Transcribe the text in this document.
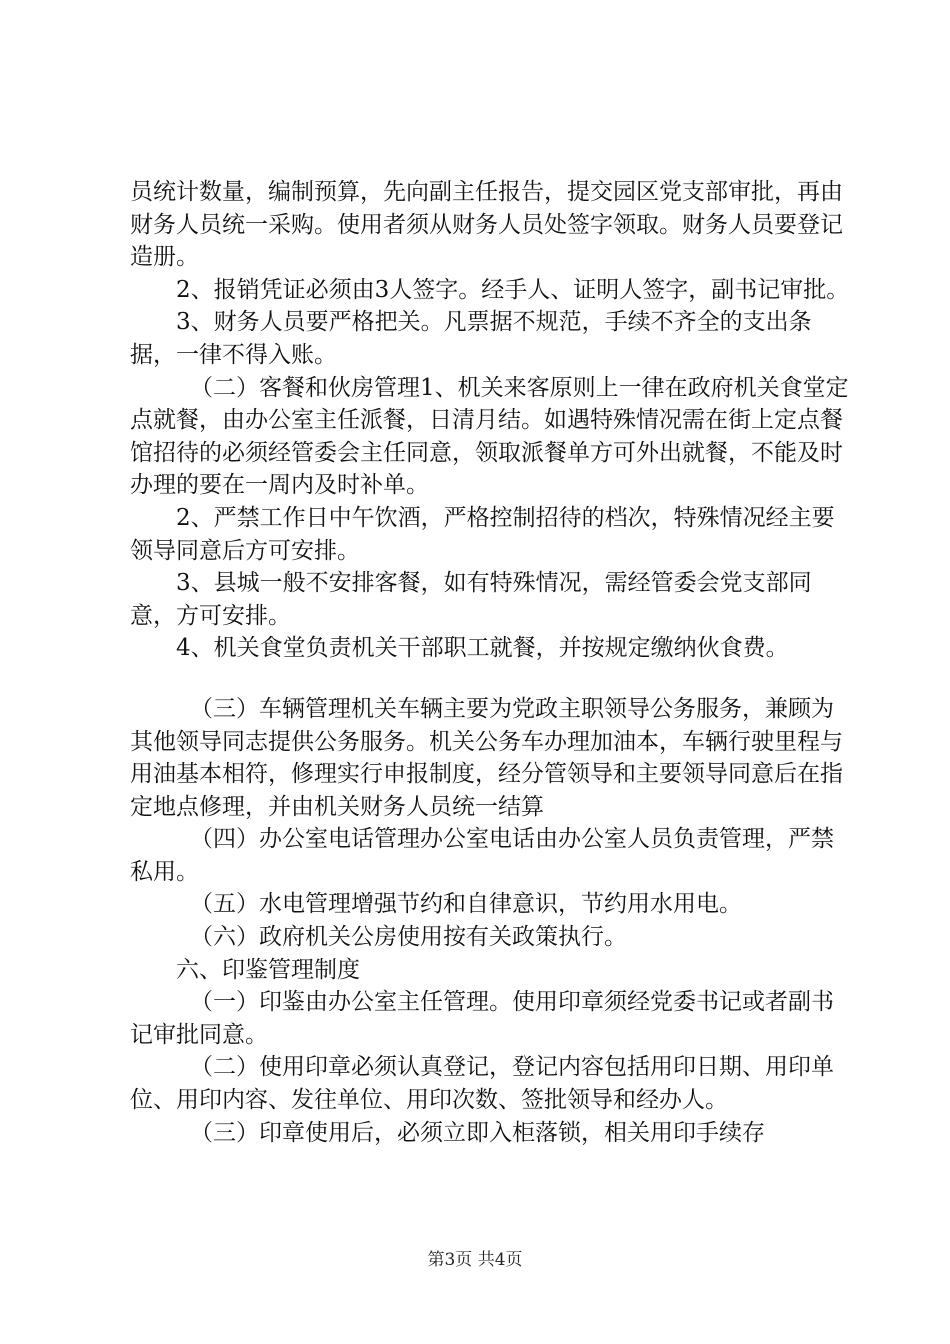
员统计数量，编制预算，先向副主任报告，提交园区党支部审批，再由财务人员统一采购。使用者须从财务人员处签字领取。财务人员要登记造册。

2、报销凭证必须由3人签字。经手人、证明人签字，副书记审批。

3、财务人员要严格把关。凡票据不规范，手续不齐全的支出条据，一律不得入账。

（二）客餐和伙房管理1、机关来客原则上一律在政府机关食堂定点就餐，由办公室主任派餐，日清月结。如遇特殊情况需在街上定点餐馆招待的必须经管委会主任同意，领取派餐单方可外出就餐，不能及时办理的要在一周内及时补单。

2、严禁工作日中午饮酒，严格控制招待的档次，特殊情况经主要领导同意后方可安排。

3、县城一般不安排客餐，如有特殊情况，需经管委会党支部同意，方可安排。

4、机关食堂负责机关干部职工就餐，并按规定缴纳伙食费。

（三）车辆管理机关车辆主要为党政主职领导公务服务，兼顾为其他领导同志提供公务服务。机关公务车办理加油本，车辆行驶里程与用油基本相符，修理实行申报制度，经分管领导和主要领导同意后在指定地点修理，并由机关财务人员统一结算

（四）办公室电话管理办公室电话由办公室人员负责管理，严禁私用。

（五）水电管理增强节约和自律意识，节约用水用电。

（六）政府机关公房使用按有关政策执行。

六、印鉴管理制度

（一）印鉴由办公室主任管理。使用印章须经党委书记或者副书记审批同意。

（二）使用印章必须认真登记，登记内容包括用印日期、用印单位、用印内容、发往单位、用印次数、签批领导和经办人。

（三）印章使用后，必须立即入柜落锁，相关用印手续存

第3页 共4页
